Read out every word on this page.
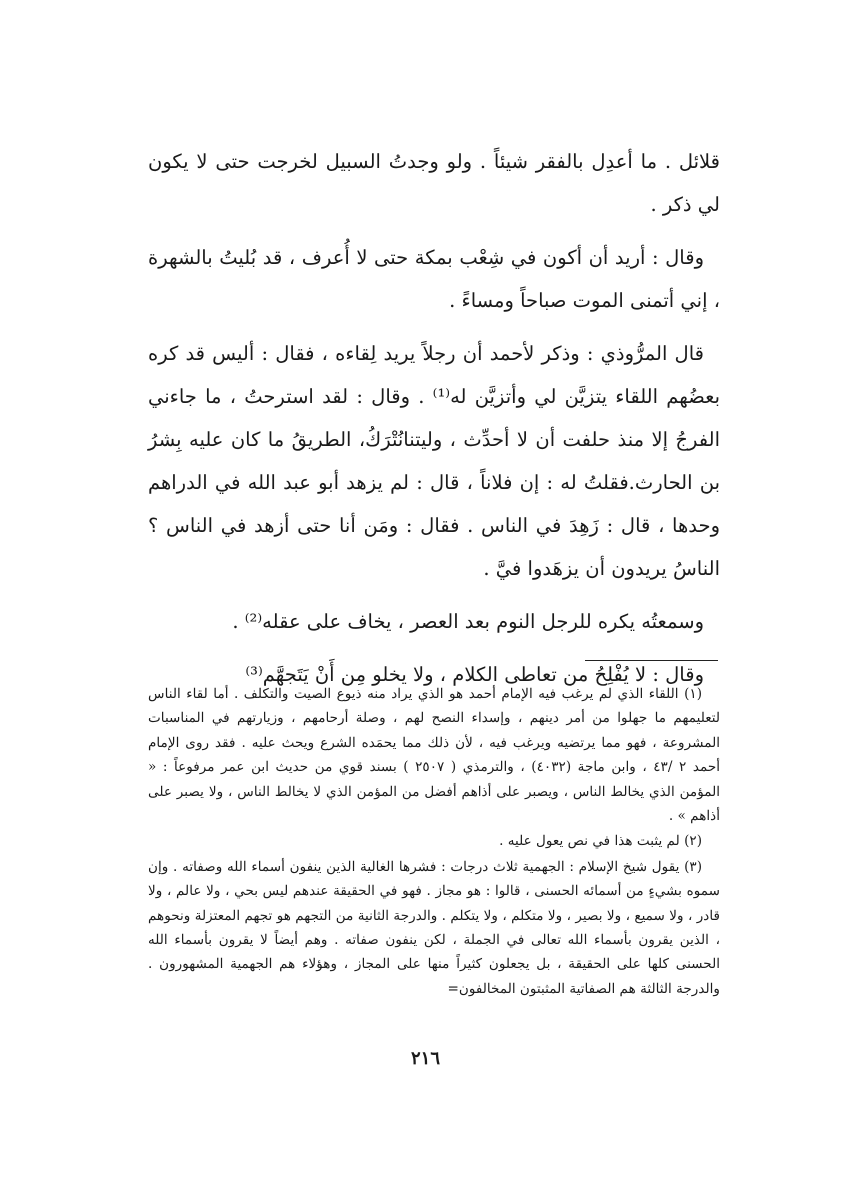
قلائل . ما أعدِل بالفقر شيئاً . ولو وجدتُ السبيل لخرجت حتى لا يكون لي ذكر .

وقال : أريد أن أكون في شِعْب بمكة حتى لا أُعرف ، قد بُليتُ بالشهرة ، إني أتمنى الموت صباحاً ومساءً .

قال المرُّوذي : وذكر لأحمد أن رجلاً يريد لِقاءه ، فقال : أليس قد كره بعضُهم اللقاء يتزيَّن لي وأتزيَّن له⁽¹⁾ . وقال : لقد استرحتُ ، ما جاءني الفرجُ إلا منذ حلفت أن لا أحدِّث ، وليتنانُتْرَكُ، الطريقُ ما كان عليه بِشرُ بن الحارث.فقلتُ له : إن فلاناً ، قال : لم يزهد أبو عبد الله في الدراهم وحدها ، قال : زَهِدَ في الناس . فقال : ومَن أنا حتى أزهد في الناس ؟ الناسُ يريدون أن يزهَدوا فيَّ .

وسمعتُه يكره للرجل النوم بعد العصر ، يخاف على عقله⁽²⁾ .

وقال : لا يُفْلِحُ من تعاطى الكلام ، ولا يخلو مِن أَنْ يَتَجهَّم⁽³⁾

(١) اللقاء الذي لم يرغب فيه الإمام أحمد هو الذي يراد منه ذيوع الصيت والتكلف . أما لقاء الناس لتعليمهم ما جهلوا من أمر دينهم ، وإسداء النصح لهم ، وصلة أرحامهم ، وزيارتهم في المناسبات المشروعة ، فهو مما يرتضيه ويرغب فيه ، لأن ذلك مما يحمَده الشرع ويحث عليه . فقد روى الإمام أحمد ٢ /٤٣ ، وابن ماجة (٤٠٣٢) ، والترمذي ( ٢٥٠٧ ) بسند قوي من حديث ابن عمر مرفوعاً : « المؤمن الذي يخالط الناس ، ويصبر على أذاهم أفضل من المؤمن الذي لا يخالط الناس ، ولا يصبر على أذاهم » .

(٢) لم يثبت هذا في نص يعول عليه .

(٣) يقول شيخ الإسلام : الجهمية ثلاث درجات : فشرها الغالية الذين ينفون أسماء الله وصفاته . وإن سموه بشيءٍ من أسمائه الحسنى ، قالوا : هو مجاز . فهو في الحقيقة عندهم ليس بحي ، ولا عالم ، ولا قادر ، ولا سميع ، ولا بصير ، ولا متكلم ، ولا يتكلم . والدرجة الثانية من التجهم هو تجهم المعتزلة ونحوهم ، الذين يقرون بأسماء الله تعالى في الجملة ، لكن ينفون صفاته . وهم أيضاً لا يقرون بأسماء الله الحسنى كلها على الحقيقة ، بل يجعلون كثيراً منها على المجاز ، وهؤلاء هم الجهمية المشهورون . والدرجة الثالثة هم الصفاتية المثبتون المخالفون=

٢١٦
